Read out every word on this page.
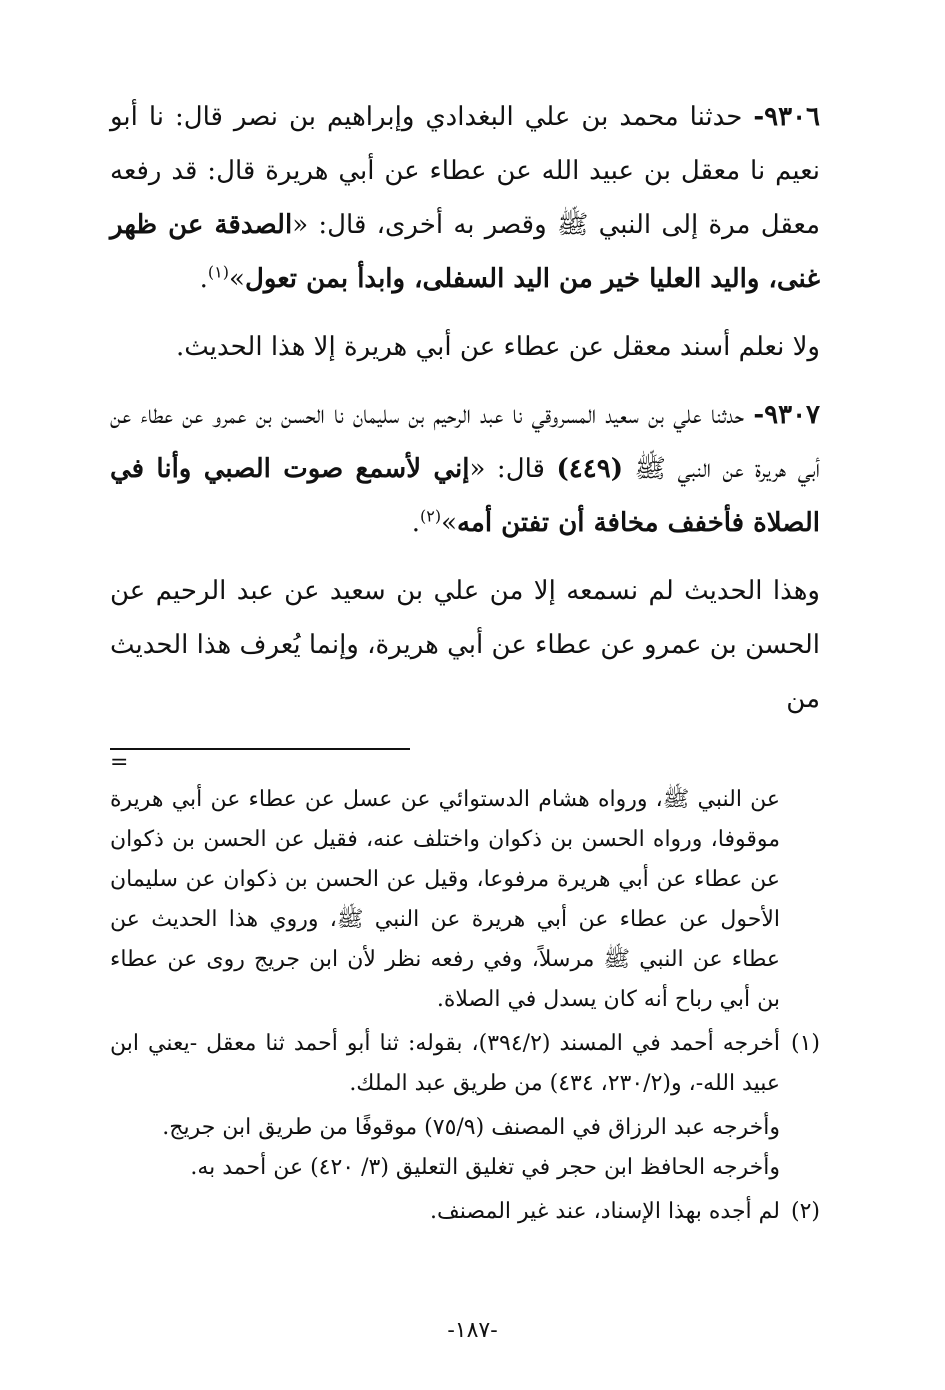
٩٣٠٦- حدثنا محمد بن علي البغدادي وإبراهيم بن نصر قال: نا أبو نعيم نا معقل بن عبيد الله عن عطاء عن أبي هريرة قال: قد رفعه معقل مرة إلى النبي ﷺ وقصر به أخرى، قال: «الصدقة عن ظهر غنى، واليد العليا خير من اليد السفلى، وابدأ بمن تعول»$^{(١)}$.

ولا نعلم أسند معقل عن عطاء عن أبي هريرة إلا هذا الحديث.

٩٣٠٧- حدثنا علي بن سعيد المسروقي نا عبد الرحيم بن سليمان نا الحسن بن عمرو عن عطاء عن أبي هريرة عن النبي ﷺ (٤٤٩) قال: «إني لأسمع صوت الصبي وأنا في الصلاة فأخفف مخافة أن تفتن أمه»$^{(٢)}$.

وهذا الحديث لم نسمعه إلا من علي بن سعيد عن عبد الرحيم عن الحسن بن عمرو عن عطاء عن أبي هريرة، وإنما يُعرف هذا الحديث من

=

عن النبي ﷺ، ورواه هشام الدستوائي عن عسل عن عطاء عن أبي هريرة موقوفا، ورواه الحسن بن ذكوان واختلف عنه، فقيل عن الحسن بن ذكوان عن عطاء عن أبي هريرة مرفوعا، وقيل عن الحسن بن ذكوان عن سليمان الأحول عن عطاء عن أبي هريرة عن النبي ﷺ، وروي هذا الحديث عن عطاء عن النبي ﷺ مرسلاً، وفي رفعه نظر لأن ابن جريج روى عن عطاء بن أبي رباح أنه كان يسدل في الصلاة.

(١)
أخرجه أحمد في المسند (٣٩٤/٢)، بقوله: ثنا أبو أحمد ثنا معقل -يعني ابن عبيد الله-، و(٢٣٠/٢، ٤٣٤) من طريق عبد الملك.
وأخرجه عبد الرزاق في المصنف (٧٥/٩) موقوفًا من طريق ابن جريج.
وأخرجه الحافظ ابن حجر في تغليق التعليق (٣/ ٤٢٠) عن أحمد به.
(٢)
لم أجده بهذا الإسناد، عند غير المصنف.
-١٨٧-
